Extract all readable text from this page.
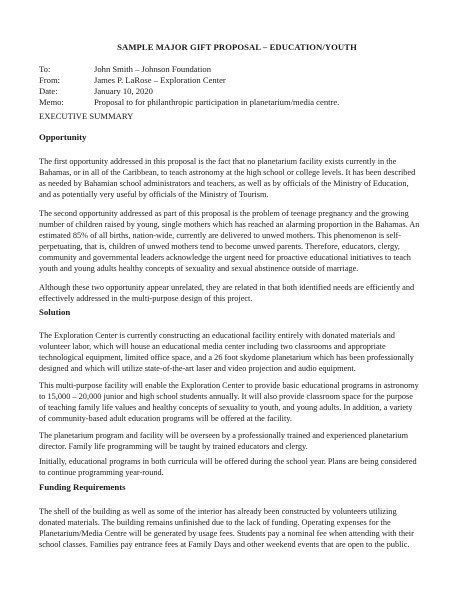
SAMPLE MAJOR GIFT PROPOSAL – EDUCATION/YOUTH
To:	John Smith – Johnson Foundation
From:	James P. LaRose – Exploration Center
Date:	January 10, 2020
Memo:	Proposal to for philanthropic participation in planetarium/media centre.
EXECUTIVE SUMMARY
Opportunity
The first opportunity addressed in this proposal is the fact that no planetarium facility exists currently in the
Bahamas, or in all of the Caribbean, to teach astronomy at the high school or college levels. It has been described
as needed by Bahamian school administrators and teachers, as well as by officials of the Ministry of Education,
and as potentially very useful by officials of the Ministry of Tourism.
The second opportunity addressed as part of this proposal is the problem of teenage pregnancy and the growing
number of children raised by young, single mothers which has reached an alarming proportion in the Bahamas. An
estimated 85% of all births, nation-wide, currently are delivered to unwed mothers. This phenomenon is self-
perpetuating, that is, children of unwed mothers tend to become unwed parents. Therefore, educators, clergy,
community and governmental leaders acknowledge the urgent need for proactive educational initiatives to teach
youth and young adults healthy concepts of sexuality and sexual abstinence outside of marriage.
Although these two opportunity appear unrelated, they are related in that both identified needs are efficiently and
effectively addressed in the multi-purpose design of this project.
Solution
The Exploration Center is currently constructing an educational facility entirely with donated materials and
volunteer labor, which will house an educational media center including two classrooms and appropriate
technological equipment, limited office space, and a 26 foot skydome planetarium which has been professionally
designed and which will utilize state-of-the-art laser and video projection and audio equipment.
This multi-purpose facility will enable the Exploration Center to provide basic educational programs in astronomy
to 15,000 – 20,000 junior and high school students annually. It will also provide classroom space for the purpose
of teaching family life values and healthy concepts of sexuality to youth, and young adults. In addition, a variety
of community-based adult education programs will be offered at the facility.
The planetarium program and facility will be overseen by a professionally trained and experienced planetarium
director. Family life programming will be taught by trained educators and clergy.
Initially, educational programs in both curricula will be offered during the school year. Plans are being considered
to continue programming year-round.
Funding Requirements
The shell of the building as well as some of the interior has already been constructed by volunteers utilizing
donated materials. The building remains unfinished due to the lack of funding. Operating expenses for the
Planetarium/Media Centre will be generated by usage fees. Students pay a nominal fee when attending with their
school classes. Families pay entrance fees at Family Days and other weekend events that are open to the public.
